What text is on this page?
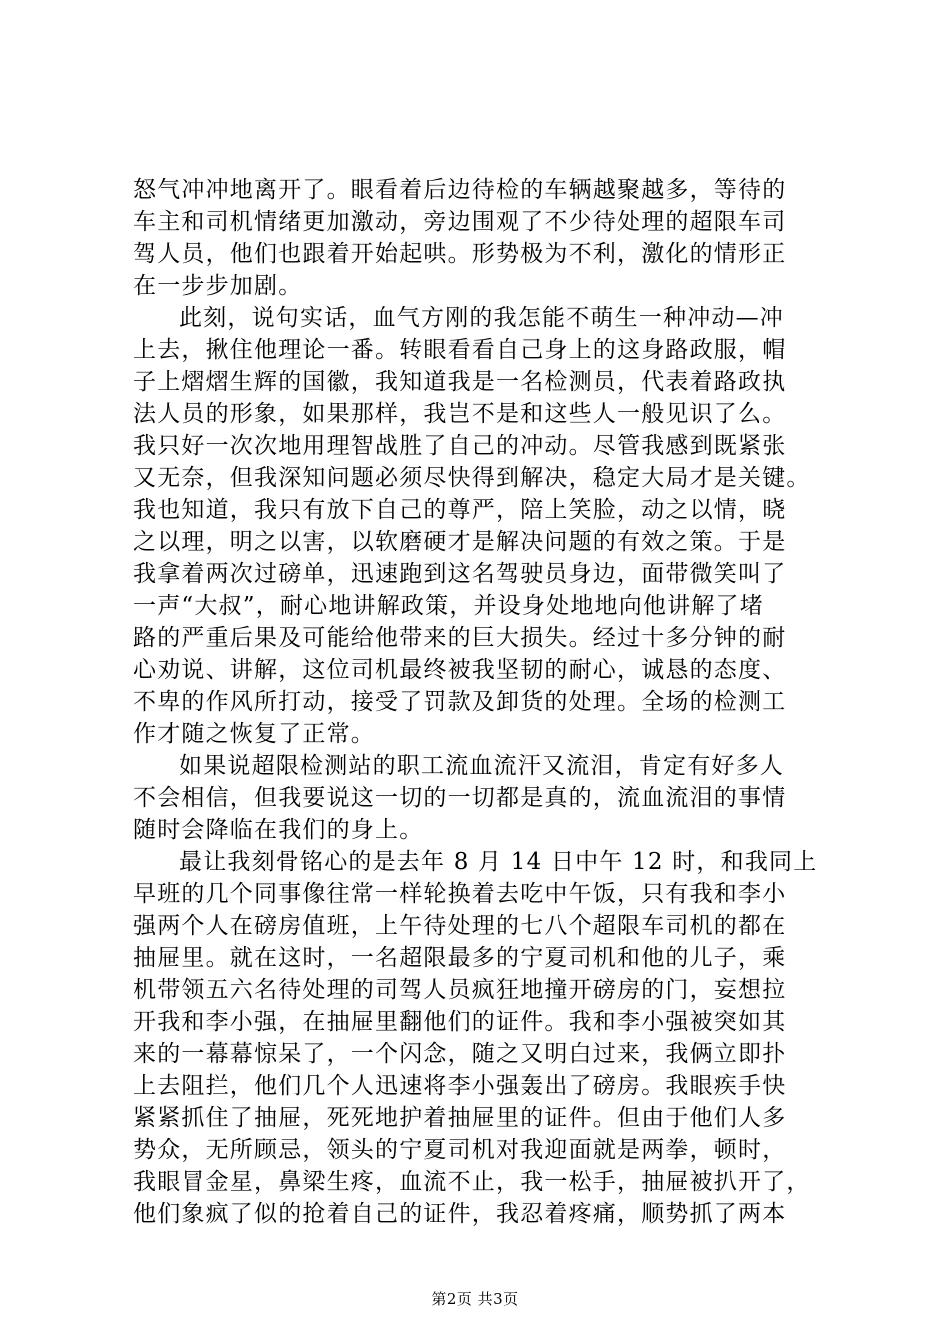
怒气冲冲地离开了。眼看着后边待检的车辆越聚越多，等待的
车主和司机情绪更加激动，旁边围观了不少待处理的超限车司
驾人员，他们也跟着开始起哄。形势极为不利，激化的情形正
在一步步加剧。

此刻，说句实话，血气方刚的我怎能不萌生一种冲动—冲
上去，揪住他理论一番。转眼看看自己身上的这身路政服，帽
子上熠熠生辉的国徽，我知道我是一名检测员，代表着路政执
法人员的形象，如果那样，我岂不是和这些人一般见识了么。
我只好一次次地用理智战胜了自己的冲动。尽管我感到既紧张
又无奈，但我深知问题必须尽快得到解决，稳定大局才是关键。
我也知道，我只有放下自己的尊严，陪上笑脸，动之以情，晓
之以理，明之以害，以软磨硬才是解决问题的有效之策。于是
我拿着两次过磅单，迅速跑到这名驾驶员身边，面带微笑叫了
一声“大叔”，耐心地讲解政策，并设身处地地向他讲解了堵
路的严重后果及可能给他带来的巨大损失。经过十多分钟的耐
心劝说、讲解，这位司机最终被我坚韧的耐心，诚恳的态度、
不卑的作风所打动，接受了罚款及卸货的处理。全场的检测工
作才随之恢复了正常。

如果说超限检测站的职工流血流汗又流泪，肯定有好多人
不会相信，但我要说这一切的一切都是真的，流血流泪的事情
随时会降临在我们的身上。

最让我刻骨铭心的是去年 8 月 14 日中午 12 时，和我同上
早班的几个同事像往常一样轮换着去吃中午饭，只有我和李小
强两个人在磅房值班，上午待处理的七八个超限车司机的都在
抽屉里。就在这时，一名超限最多的宁夏司机和他的儿子，乘
机带领五六名待处理的司驾人员疯狂地撞开磅房的门，妄想拉
开我和李小强，在抽屉里翻他们的证件。我和李小强被突如其
来的一幕幕惊呆了，一个闪念，随之又明白过来，我俩立即扑
上去阻拦，他们几个人迅速将李小强轰出了磅房。我眼疾手快
紧紧抓住了抽屉，死死地护着抽屉里的证件。但由于他们人多
势众，无所顾忌，领头的宁夏司机对我迎面就是两拳，顿时，
我眼冒金星，鼻梁生疼，血流不止，我一松手，抽屉被扒开了，
他们象疯了似的抢着自己的证件，我忍着疼痛，顺势抓了两本

第2页 共3页
